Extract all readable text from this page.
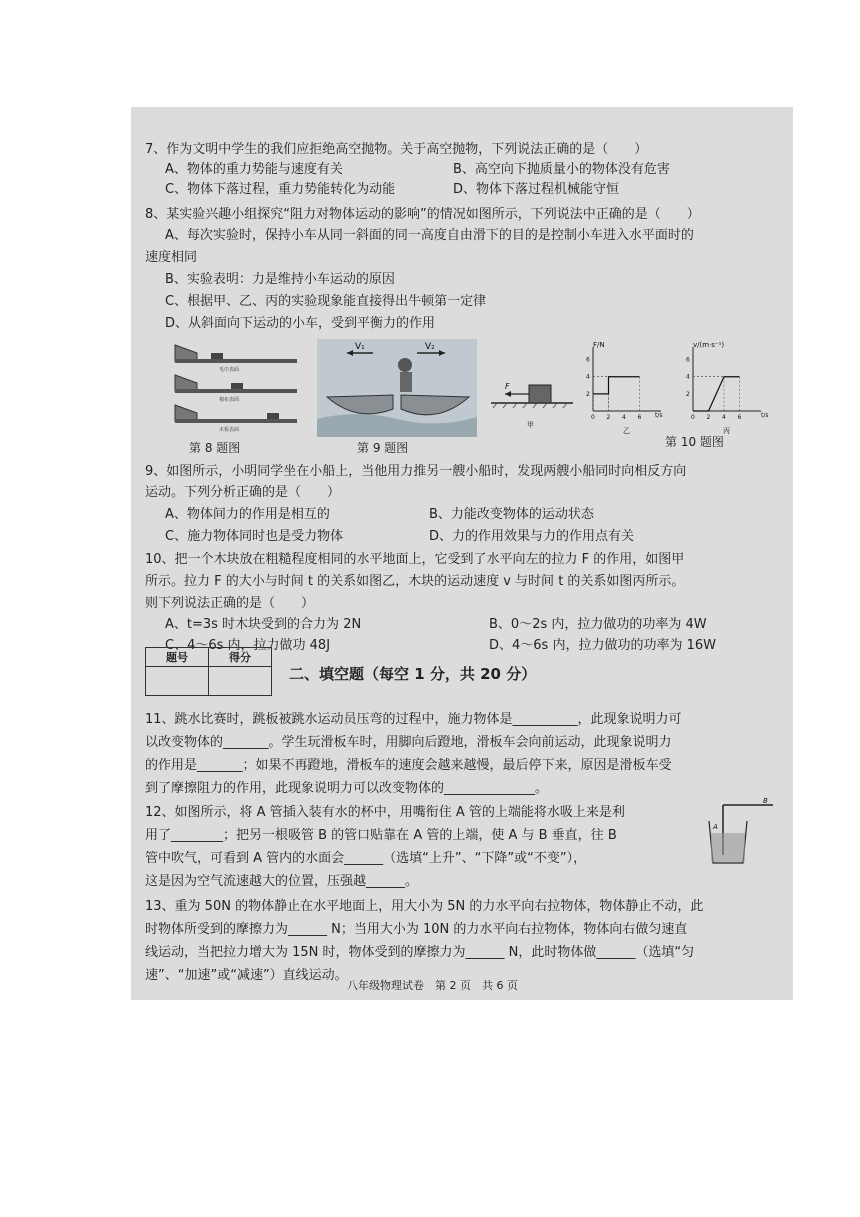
7、作为文明中学生的我们应拒绝高空抛物。关于高空抛物，下列说法正确的是（　　）
A、物体的重力势能与速度有关	B、高空向下抛质量小的物体没有危害
C、物体下落过程，重力势能转化为动能	D、物体下落过程机械能守恒
8、某实验兴趣小组探究“阻力对物体运动的影响”的情况如图所示，下列说法中正确的是（　　）
A、每次实验时，保持小车从同一斜面的同一高度自由滑下的目的是控制小车进入水平面时的
速度相同
B、实验表明：力是维持小车运动的原因
C、根据甲、乙、丙的实验现象能直接得出牛顿第一定律
D、从斜面向下运动的小车，受到平衡力的作用
毛巾表面
棉布表面
木板表面
第 8 题图
V₁	V₂
第 9 题图
F
甲
F/N
t/s
乙
0 2 4 6
2
4
6
v/(m·s⁻¹)
t/s
丙
0 2 4 6
2
4
6
第 10 题图
9、如图所示，小明同学坐在小船上，当他用力推另一艘小船时，发现两艘小船同时向相反方向
运动。下列分析正确的是（　　）
A、物体间力的作用是相互的	B、力能改变物体的运动状态
C、施力物体同时也是受力物体	D、力的作用效果与力的作用点有关
10、把一个木块放在粗糙程度相同的水平地面上，它受到了水平向左的拉力 F 的作用，如图甲
所示。拉力 F 的大小与时间 t 的关系如图乙，木块的运动速度 v 与时间 t 的关系如图丙所示。
则下列说法正确的是（　　）
A、t=3s 时木块受到的合力为 2N	B、0～2s 内，拉力做功的功率为 4W
C、4～6s 内，拉力做功 48J	D、4～6s 内，拉力做功的功率为 16W
题号	得分

二、填空题（每空 1 分，共 20 分）
11、跳水比赛时，跳板被跳水运动员压弯的过程中，施力物体是__________，此现象说明力可
以改变物体的_______。学生玩滑板车时，用脚向后蹬地，滑板车会向前运动，此现象说明力
的作用是_______；如果不再蹬地，滑板车的速度会越来越慢，最后停下来，原因是滑板车受
到了摩擦阻力的作用，此现象说明力可以改变物体的______________。
12、如图所示，将 A 管插入装有水的杯中，用嘴衔住 A 管的上端能将水吸上来是利
用了________；把另一根吸管 B 的管口贴靠在 A 管的上端，使 A 与 B 垂直，往 B
管中吹气，可看到 A 管内的水面会______（选填“上升”、“下降”或“不变”），
这是因为空气流速越大的位置，压强越______。
A
B
13、重为 50N 的物体静止在水平地面上，用大小为 5N 的力水平向右拉物体，物体静止不动，此
时物体所受到的摩擦力为______ N；当用大小为 10N 的力水平向右拉物体，物体向右做匀速直
线运动，当把拉力增大为 15N 时，物体受到的摩擦力为______ N，此时物体做______（选填“匀
速”、“加速”或“减速”）直线运动。
八年级物理试卷　第 2 页　共 6 页
